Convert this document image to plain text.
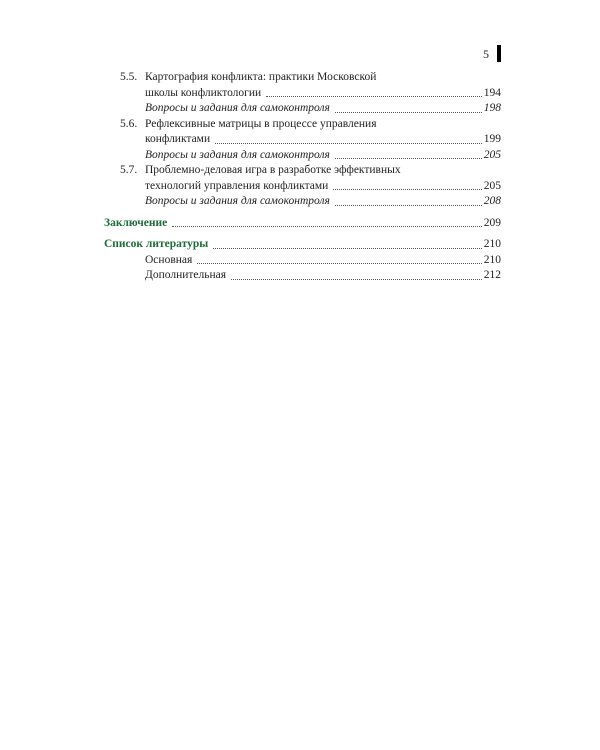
5
5.5. Картография конфликта: практики Московской
школы конфликтологии	194
Вопросы и задания для самоконтроля	198
5.6. Рефлексивные матрицы в процессе управления
конфликтами	199
Вопросы и задания для самоконтроля	205
5.7. Проблемно-деловая игра в разработке эффективных
технологий управления конфликтами	205
Вопросы и задания для самоконтроля	208
Заключение	209
Список литературы	210
Основная	210
Дополнительная	212
